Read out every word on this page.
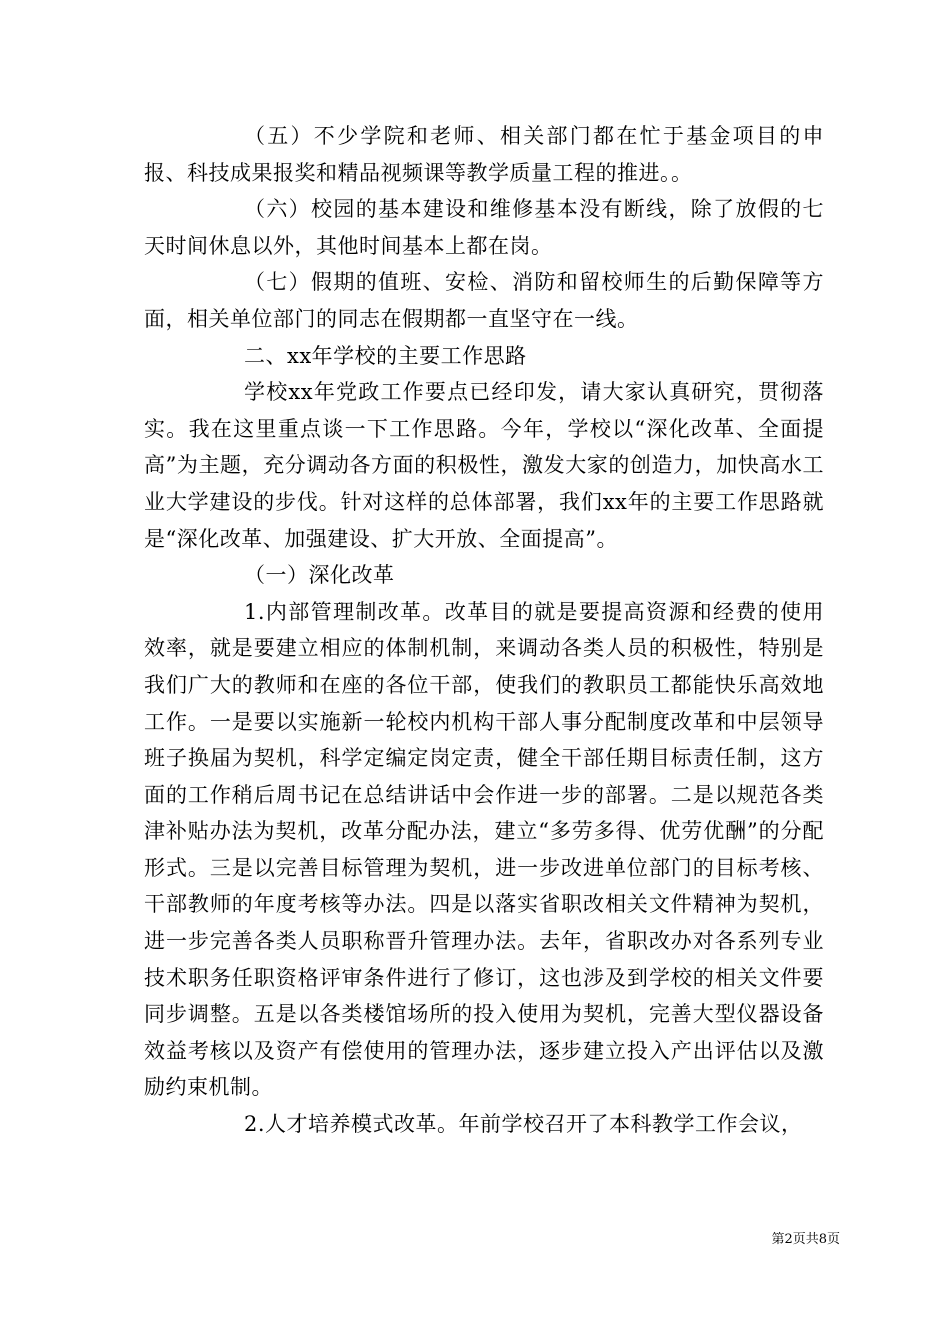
（五）不少学院和老师、相关部门都在忙于基金项目的申报、科技成果报奖和精品视频课等教学质量工程的推进。。

（六）校园的基本建设和维修基本没有断线，除了放假的七天时间休息以外，其他时间基本上都在岗。

（七）假期的值班、安检、消防和留校师生的后勤保障等方面，相关单位部门的同志在假期都一直坚守在一线。

二、xx年学校的主要工作思路

学校xx年党政工作要点已经印发，请大家认真研究，贯彻落实。我在这里重点谈一下工作思路。今年，学校以“深化改革、全面提高”为主题，充分调动各方面的积极性，激发大家的创造力，加快高水工业大学建设的步伐。针对这样的总体部署，我们xx年的主要工作思路就是“深化改革、加强建设、扩大开放、全面提高”。

（一）深化改革

1.内部管理制改革。改革目的就是要提高资源和经费的使用效率，就是要建立相应的体制机制，来调动各类人员的积极性，特别是我们广大的教师和在座的各位干部，使我们的教职员工都能快乐高效地工作。一是要以实施新一轮校内机构干部人事分配制度改革和中层领导班子换届为契机，科学定编定岗定责，健全干部任期目标责任制，这方面的工作稍后周书记在总结讲话中会作进一步的部署。二是以规范各类津补贴办法为契机，改革分配办法，建立“多劳多得、优劳优酬”的分配形式。三是以完善目标管理为契机，进一步改进单位部门的目标考核、干部教师的年度考核等办法。四是以落实省职改相关文件精神为契机，进一步完善各类人员职称晋升管理办法。去年，省职改办对各系列专业技术职务任职资格评审条件进行了修订，这也涉及到学校的相关文件要同步调整。五是以各类楼馆场所的投入使用为契机，完善大型仪器设备效益考核以及资产有偿使用的管理办法，逐步建立投入产出评估以及激励约束机制。

2.人才培养模式改革。年前学校召开了本科教学工作会议，

第2页共8页
